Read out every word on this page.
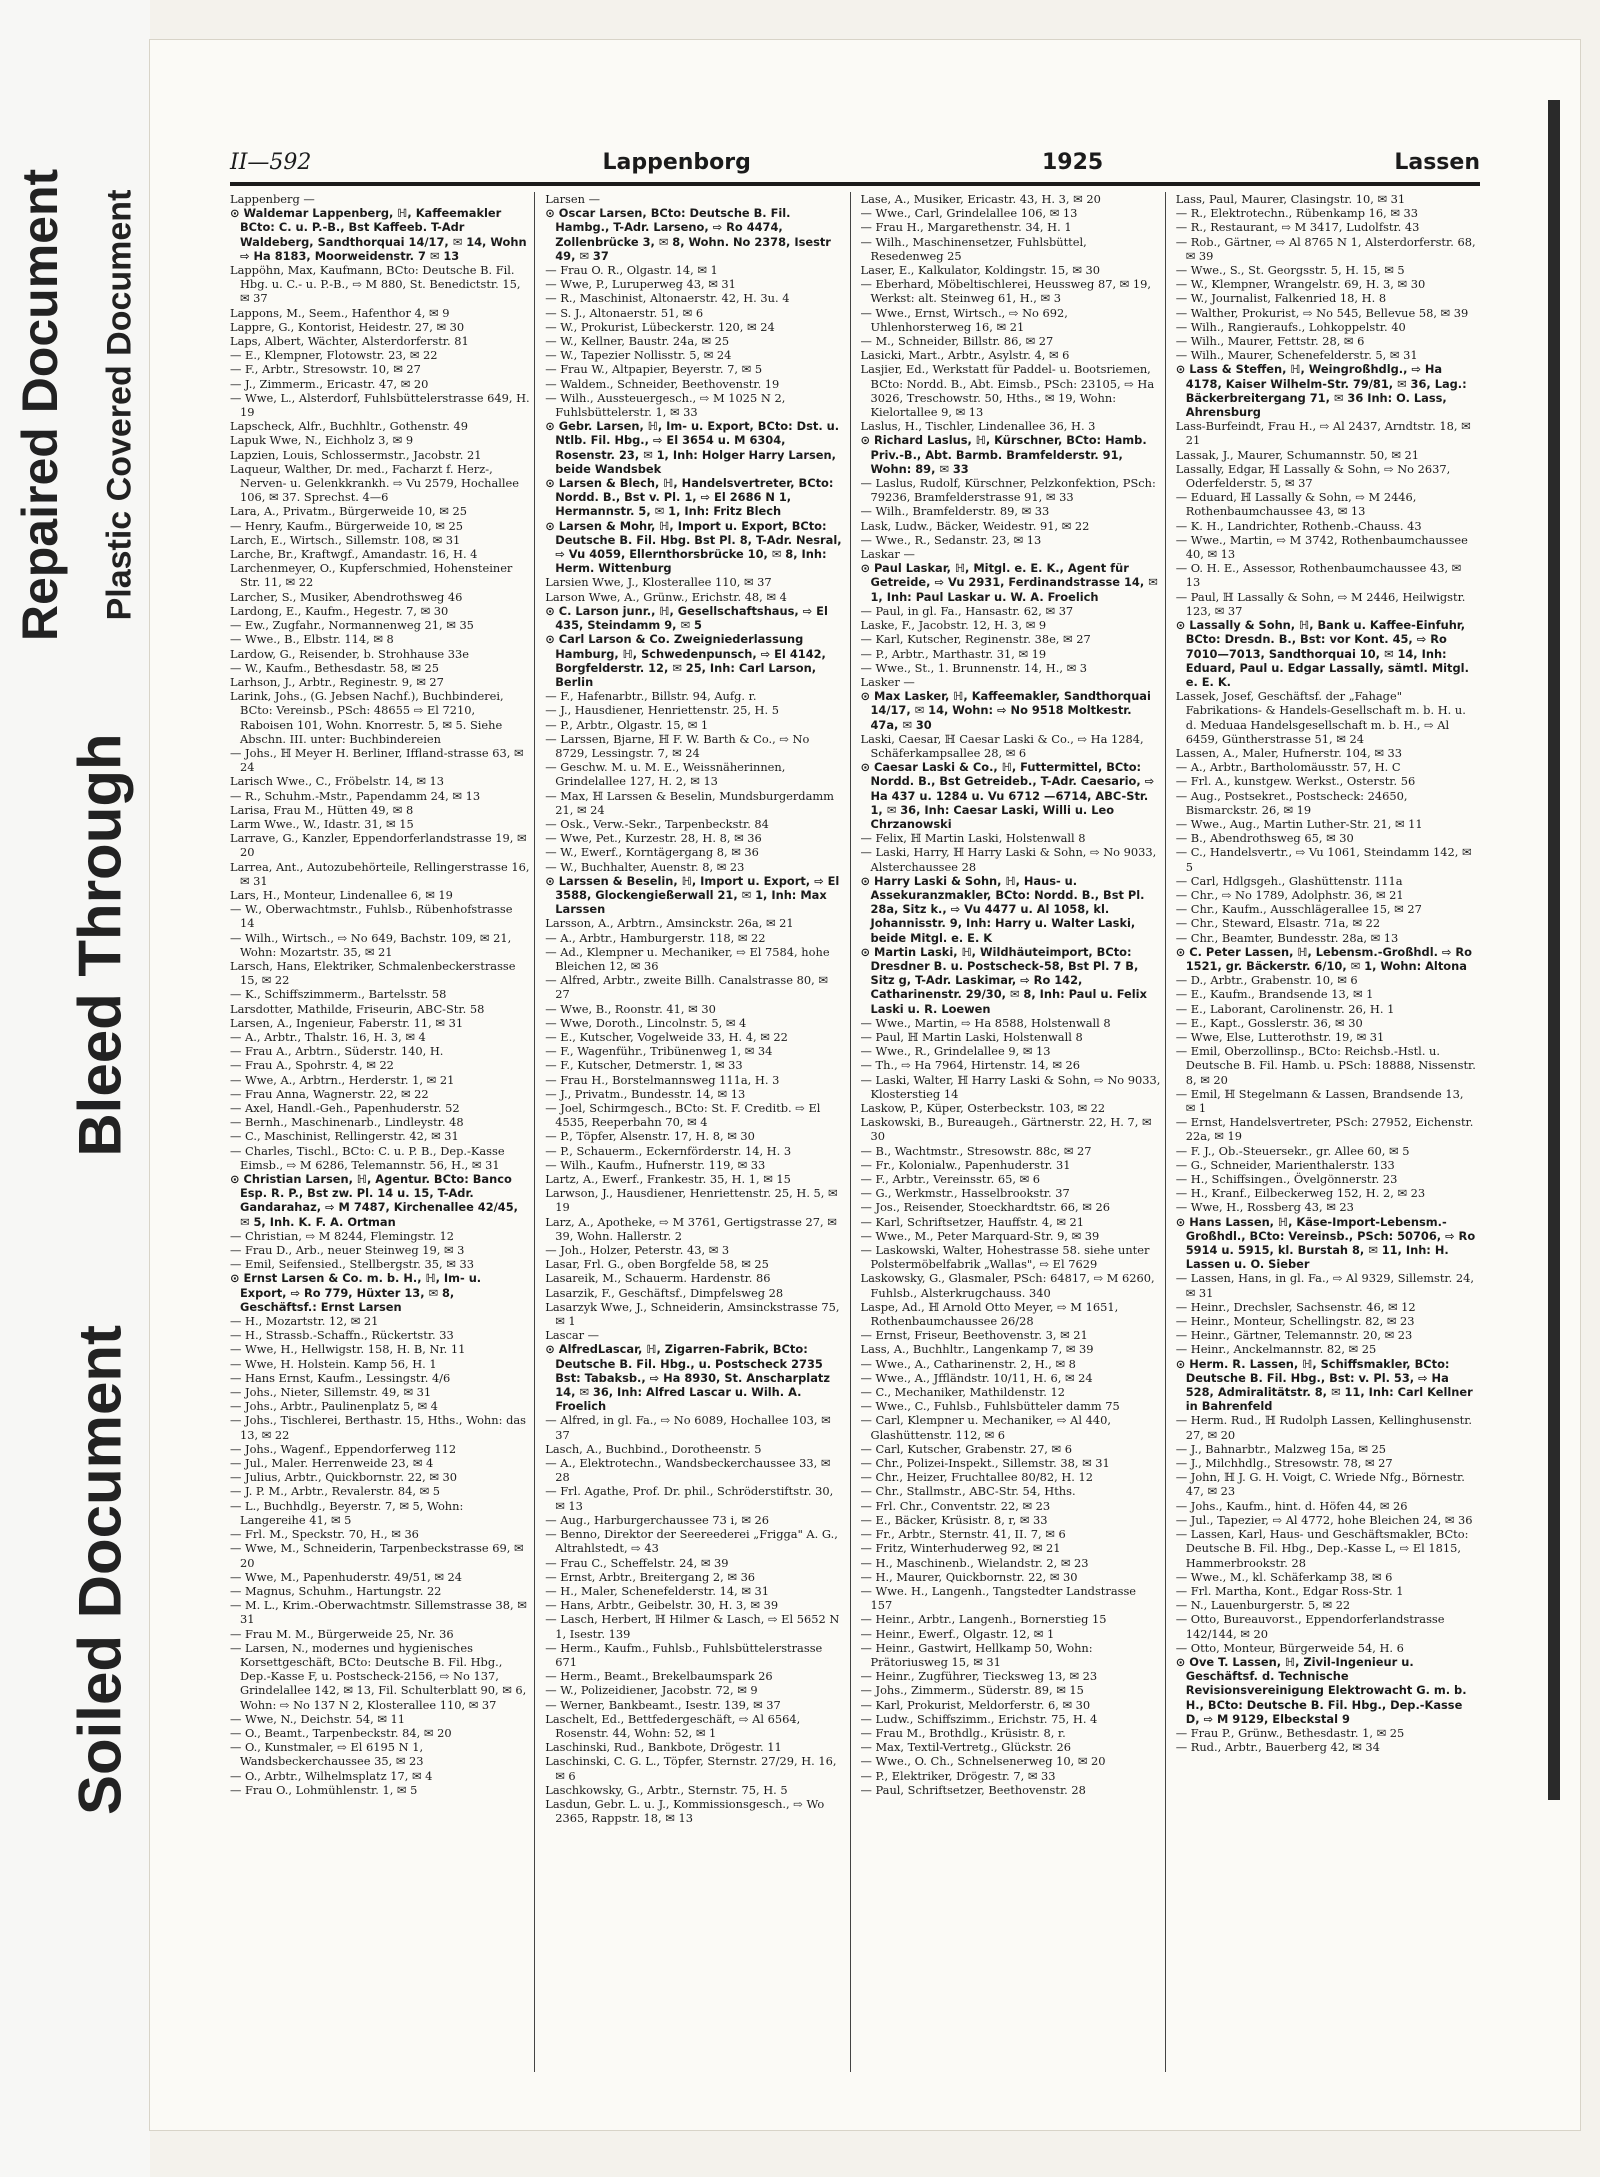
Repaired Document Plastic Covered Document
Bleed Through
Soiled Document
II—592	Lappenborg	1925	Lassen
Lappenberg —
⊙ Waldemar Lappenberg, ℍ, Kaffeemakler BCto: C. u. P.-B., Bst Kaffeeb. T-Adr Waldeberg, Sandthorquai 14/17, ✉ 14, Wohn ⇨ Ha 8183, Moorweidenstr. 7 ✉ 13
Lappöhn, Max, Kaufmann, BCto: Deutsche B. Fil. Hbg. u. C.- u. P.-B., ⇨ M 880, St. Benedictstr. 15, ✉ 37
Lappons, M., Seem., Hafenthor 4, ✉ 9
Lappre, G., Kontorist, Heidestr. 27, ✉ 30
Laps, Albert, Wächter, Alsterdorferstr. 81
— E., Klempner, Flotowstr. 23, ✉ 22
— F., Arbtr., Stresowstr. 10, ✉ 27
— J., Zimmerm., Ericastr. 47, ✉ 20
— Wwe, L., Alsterdorf, Fuhlsbüttelerstrasse 649, H. 19
Lapscheck, Alfr., Buchhltr., Gothenstr. 49
Lapuk Wwe, N., Eichholz 3, ✉ 9
Lapzien, Louis, Schlossermstr., Jacobstr. 21
Laqueur, Walther, Dr. med., Facharzt f. Herz-, Nerven- u. Gelenkkrankh. ⇨ Vu 2579, Hochallee 106, ✉ 37. Sprechst. 4—6
Lara, A., Privatm., Bürgerweide 10, ✉ 25
— Henry, Kaufm., Bürgerweide 10, ✉ 25
Larch, E., Wirtsch., Sillemstr. 108, ✉ 31
Larche, Br., Kraftwgf., Amandastr. 16, H. 4
Larchenmeyer, O., Kupferschmied, Hohensteiner Str. 11, ✉ 22
Larcher, S., Musiker, Abendrothsweg 46
Lardong, E., Kaufm., Hegestr. 7, ✉ 30
— Ew., Zugfahr., Normannenweg 21, ✉ 35
— Wwe., B., Elbstr. 114, ✉ 8
Lardow, G., Reisender, b. Strohhause 33e
— W., Kaufm., Bethesdastr. 58, ✉ 25
Larhson, J., Arbtr., Reginestr. 9, ✉ 27
Larink, Johs., (G. Jebsen Nachf.), Buchbinderei, BCto: Vereinsb., PSch: 48655 ⇨ El 7210, Raboisen 101, Wohn. Knorrestr. 5, ✉ 5. Siehe Abschn. III. unter: Buchbindereien
— Johs., ℍ Meyer H. Berliner, Iffland-strasse 63, ✉ 24
Larisch Wwe., C., Fröbelstr. 14, ✉ 13
— R., Schuhm.-Mstr., Papendamm 24, ✉ 13
Larisa, Frau M., Hütten 49, ✉ 8
Larm Wwe., W., Idastr. 31, ✉ 15
Larrave, G., Kanzler, Eppendorferlandstrasse 19, ✉ 20
Larrea, Ant., Autozubehörteile, Rellingerstrasse 16, ✉ 31
Lars, H., Monteur, Lindenallee 6, ✉ 19
— W., Oberwachtmstr., Fuhlsb., Rübenhofstrasse 14
— Wilh., Wirtsch., ⇨ No 649, Bachstr. 109, ✉ 21, Wohn: Mozartstr. 35, ✉ 21
Larsch, Hans, Elektriker, Schmalenbeckerstrasse 15, ✉ 22
— K., Schiffszimmerm., Bartelsstr. 58
Larsdotter, Mathilde, Friseurin, ABC-Str. 58
Larsen, A., Ingenieur, Faberstr. 11, ✉ 31
— A., Arbtr., Thalstr. 16, H. 3, ✉ 4
— Frau A., Arbtrn., Süderstr. 140, H.
— Frau A., Spohrstr. 4, ✉ 22
— Wwe, A., Arbtrn., Herderstr. 1, ✉ 21
— Frau Anna, Wagnerstr. 22, ✉ 22
— Axel, Handl.-Geh., Papenhuderstr. 52
— Bernh., Maschinenarb., Lindleystr. 48
— C., Maschinist, Rellingerstr. 42, ✉ 31
— Charles, Tischl., BCto: C. u. P. B., Dep.-Kasse Eimsb., ⇨ M 6286, Telemannstr. 56, H., ✉ 31
⊙ Christian Larsen, ℍ, Agentur. BCto: Banco Esp. R. P., Bst zw. Pl. 14 u. 15, T-Adr. Gandarahaz, ⇨ M 7487, Kirchenallee 42/45, ✉ 5, Inh. K. F. A. Ortman
— Christian, ⇨ M 8244, Flemingstr. 12
— Frau D., Arb., neuer Steinweg 19, ✉ 3
— Emil, Seifensied., Stellbergstr. 35, ✉ 33
⊙ Ernst Larsen & Co. m. b. H., ℍ, Im- u. Export, ⇨ Ro 779, Hüxter 13, ✉ 8, Geschäftsf.: Ernst Larsen
— H., Mozartstr. 12, ✉ 21
— H., Strassb.-Schaffn., Rückertstr. 33
— Wwe, H., Hellwigstr. 158, H. B, Nr. 11
— Wwe, H. Holstein. Kamp 56, H. 1
— Hans Ernst, Kaufm., Lessingstr. 4/6
— Johs., Nieter, Sillemstr. 49, ✉ 31
— Johs., Arbtr., Paulinenplatz 5, ✉ 4
— Johs., Tischlerei, Berthastr. 15, Hths., Wohn: das 13, ✉ 22
— Johs., Wagenf., Eppendorferweg 112
— Jul., Maler. Herrenweide 23, ✉ 4
— Julius, Arbtr., Quickbornstr. 22, ✉ 30
— J. P. M., Arbtr., Revalerstr. 84, ✉ 5
— L., Buchhdlg., Beyerstr. 7, ✉ 5, Wohn: Langereihe 41, ✉ 5
— Frl. M., Speckstr. 70, H., ✉ 36
— Wwe, M., Schneiderin, Tarpenbeckstrasse 69, ✉ 20
— Wwe, M., Papenhuderstr. 49/51, ✉ 24
— Magnus, Schuhm., Hartungstr. 22
— M. L., Krim.-Oberwachtmstr. Sillemstrasse 38, ✉ 31
— Frau M. M., Bürgerweide 25, Nr. 36
— Larsen, N., modernes und hygienisches Korsettgeschäft, BCto: Deutsche B. Fil. Hbg., Dep.-Kasse F, u. Postscheck-2156, ⇨ No 137, Grindelallee 142, ✉ 13, Fil. Schulterblatt 90, ✉ 6, Wohn: ⇨ No 137 N 2, Klosterallee 110, ✉ 37
— Wwe, N., Deichstr. 54, ✉ 11
— O., Beamt., Tarpenbeckstr. 84, ✉ 20
— O., Kunstmaler, ⇨ El 6195 N 1, Wandsbeckerchaussee 35, ✉ 23
— O., Arbtr., Wilhelmsplatz 17, ✉ 4
— Frau O., Lohmühlenstr. 1, ✉ 5
Larsen —
⊙ Oscar Larsen, BCto: Deutsche B. Fil. Hambg., T-Adr. Larseno, ⇨ Ro 4474, Zollenbrücke 3, ✉ 8, Wohn. No 2378, Isestr 49, ✉ 37
— Frau O. R., Olgastr. 14, ✉ 1
— Wwe, P., Luruperweg 43, ✉ 31
— R., Maschinist, Altonaerstr. 42, H. 3u. 4
— S. J., Altonaerstr. 51, ✉ 6
— W., Prokurist, Lübeckerstr. 120, ✉ 24
— W., Kellner, Baustr. 24a, ✉ 25
— W., Tapezier Nollisstr. 5, ✉ 24
— Frau W., Altpapier, Beyerstr. 7, ✉ 5
— Waldem., Schneider, Beethovenstr. 19
— Wilh., Aussteuergesch., ⇨ M 1025 N 2, Fuhlsbüttelerstr. 1, ✉ 33
⊙ Gebr. Larsen, ℍ, Im- u. Export, BCto: Dst. u. Ntlb. Fil. Hbg., ⇨ El 3654 u. M 6304, Rosenstr. 23, ✉ 1, Inh: Holger Harry Larsen, beide Wandsbek
⊙ Larsen & Blech, ℍ, Handelsvertreter, BCto: Nordd. B., Bst v. Pl. 1, ⇨ El 2686 N 1, Hermannstr. 5, ✉ 1, Inh: Fritz Blech
⊙ Larsen & Mohr, ℍ, Import u. Export, BCto: Deutsche B. Fil. Hbg. Bst Pl. 8, T-Adr. Nesral, ⇨ Vu 4059, Ellernthorsbrücke 10, ✉ 8, Inh: Herm. Wittenburg
Larsien Wwe, J., Klosterallee 110, ✉ 37
Larson Wwe, A., Grünw., Erichstr. 48, ✉ 4
⊙ C. Larson junr., ℍ, Gesellschaftshaus, ⇨ El 435, Steindamm 9, ✉ 5
⊙ Carl Larson & Co. Zweigniederlassung Hamburg, ℍ, Schwedenpunsch, ⇨ El 4142, Borgfelderstr. 12, ✉ 25, Inh: Carl Larson, Berlin
— F., Hafenarbtr., Billstr. 94, Aufg. r.
— J., Hausdiener, Henriettenstr. 25, H. 5
— P., Arbtr., Olgastr. 15, ✉ 1
— Larssen, Bjarne, ℍ F. W. Barth & Co., ⇨ No 8729, Lessingstr. 7, ✉ 24
— Geschw. M. u. M. E., Weissnäherinnen, Grindelallee 127, H. 2, ✉ 13
— Max, ℍ Larssen & Beselin, Mundsburgerdamm 21, ✉ 24
— Osk., Verw.-Sekr., Tarpenbeckstr. 84
— Wwe, Pet., Kurzestr. 28, H. 8, ✉ 36
— W., Ewerf., Korntägergang 8, ✉ 36
— W., Buchhalter, Auenstr. 8, ✉ 23
⊙ Larssen & Beselin, ℍ, Import u. Export, ⇨ El 3588, Glockengießerwall 21, ✉ 1, Inh: Max Larssen
Larsson, A., Arbtrn., Amsinckstr. 26a, ✉ 21
— A., Arbtr., Hamburgerstr. 118, ✉ 22
— Ad., Klempner u. Mechaniker, ⇨ El 7584, hohe Bleichen 12, ✉ 36
— Alfred, Arbtr., zweite Billh. Canalstrasse 80, ✉ 27
— Wwe, B., Roonstr. 41, ✉ 30
— Wwe, Doroth., Lincolnstr. 5, ✉ 4
— E., Kutscher, Vogelweide 33, H. 4, ✉ 22
— F., Wagenführ., Tribünenweg 1, ✉ 34
— F., Kutscher, Detmerstr. 1, ✉ 33
— Frau H., Borstelmannsweg 111a, H. 3
— J., Privatm., Bundesstr. 14, ✉ 13
— Joel, Schirmgesch., BCto: St. F. Creditb. ⇨ El 4535, Reeperbahn 70, ✉ 4
— P., Töpfer, Alsenstr. 17, H. 8, ✉ 30
— P., Schauerm., Eckernförderstr. 14, H. 3
— Wilh., Kaufm., Hufnerstr. 119, ✉ 33
Lartz, A., Ewerf., Frankestr. 35, H. 1, ✉ 15
Larwson, J., Hausdiener, Henriettenstr. 25, H. 5, ✉ 19
Larz, A., Apotheke, ⇨ M 3761, Gertigstrasse 27, ✉ 39, Wohn. Hallerstr. 2
— Joh., Holzer, Peterstr. 43, ✉ 3
Lasar, Frl. G., oben Borgfelde 58, ✉ 25
Lasareik, M., Schauerm. Hardenstr. 86
Lasarzik, F., Geschäftsf., Dimpfelsweg 28
Lasarzyk Wwe, J., Schneiderin, Amsinckstrasse 75, ✉ 1
Lascar —
⊙ AlfredLascar, ℍ, Zigarren-Fabrik, BCto: Deutsche B. Fil. Hbg., u. Postscheck 2735 Bst: Tabaksb., ⇨ Ha 8930, St. Anscharplatz 14, ✉ 36, Inh: Alfred Lascar u. Wilh. A. Froelich
— Alfred, in gl. Fa., ⇨ No 6089, Hochallee 103, ✉ 37
Lasch, A., Buchbind., Dorotheenstr. 5
— A., Elektrotechn., Wandsbeckerchaussee 33, ✉ 28
— Frl. Agathe, Prof. Dr. phil., Schröderstiftstr. 30, ✉ 13
— Aug., Harburgerchaussee 73 i, ✉ 26
— Benno, Direktor der Seereederei „Frigga" A. G., Altrahlstedt, ⇨ 43
— Frau C., Scheffelstr. 24, ✉ 39
— Ernst, Arbtr., Breitergang 2, ✉ 36
— H., Maler, Schenefelderstr. 14, ✉ 31
— Hans, Arbtr., Geibelstr. 30, H. 3, ✉ 39
— Lasch, Herbert, ℍ Hilmer & Lasch, ⇨ El 5652 N 1, Isestr. 139
— Herm., Kaufm., Fuhlsb., Fuhlsbüttelerstrasse 671
— Herm., Beamt., Brekelbaumspark 26
— W., Polizeidiener, Jacobstr. 72, ✉ 9
— Werner, Bankbeamt., Isestr. 139, ✉ 37
Laschelt, Ed., Bettfedergeschäft, ⇨ Al 6564, Rosenstr. 44, Wohn: 52, ✉ 1
Laschinski, Rud., Bankbote, Drögestr. 11
Laschinski, C. G. L., Töpfer, Sternstr. 27/29, H. 16, ✉ 6
Laschkowsky, G., Arbtr., Sternstr. 75, H. 5
Lasdun, Gebr. L. u. J., Kommissionsgesch., ⇨ Wo 2365, Rappstr. 18, ✉ 13
Lase, A., Musiker, Ericastr. 43, H. 3, ✉ 20
— Wwe., Carl, Grindelallee 106, ✉ 13
— Frau H., Margarethenstr. 34, H. 1
— Wilh., Maschinensetzer, Fuhlsbüttel, Resedenweg 25
Laser, E., Kalkulator, Koldingstr. 15, ✉ 30
— Eberhard, Möbeltischlerei, Heussweg 87, ✉ 19, Werkst: alt. Steinweg 61, H., ✉ 3
— Wwe., Ernst, Wirtsch., ⇨ No 692, Uhlenhorsterweg 16, ✉ 21
— M., Schneider, Billstr. 86, ✉ 27
Lasicki, Mart., Arbtr., Asylstr. 4, ✉ 6
Lasjier, Ed., Werkstatt für Paddel- u. Bootsriemen, BCto: Nordd. B., Abt. Eimsb., PSch: 23105, ⇨ Ha 3026, Treschowstr. 50, Hths., ✉ 19, Wohn: Kielortallee 9, ✉ 13
Laslus, H., Tischler, Lindenallee 36, H. 3
⊙ Richard Laslus, ℍ, Kürschner, BCto: Hamb. Priv.-B., Abt. Barmb. Bramfelderstr. 91, Wohn: 89, ✉ 33
— Laslus, Rudolf, Kürschner, Pelzkonfektion, PSch: 79236, Bramfelderstrasse 91, ✉ 33
— Wilh., Bramfelderstr. 89, ✉ 33
Lask, Ludw., Bäcker, Weidestr. 91, ✉ 22
— Wwe., R., Sedanstr. 23, ✉ 13
Laskar —
⊙ Paul Laskar, ℍ, Mitgl. e. E. K., Agent für Getreide, ⇨ Vu 2931, Ferdinandstrasse 14, ✉ 1, Inh: Paul Laskar u. W. A. Froelich
— Paul, in gl. Fa., Hansastr. 62, ✉ 37
Laske, F., Jacobstr. 12, H. 3, ✉ 9
— Karl, Kutscher, Reginenstr. 38e, ✉ 27
— P., Arbtr., Marthastr. 31, ✉ 19
— Wwe., St., 1. Brunnenstr. 14, H., ✉ 3
Lasker —
⊙ Max Lasker, ℍ, Kaffeemakler, Sandthorquai 14/17, ✉ 14, Wohn: ⇨ No 9518 Moltkestr. 47a, ✉ 30
Laski, Caesar, ℍ Caesar Laski & Co., ⇨ Ha 1284, Schäferkampsallee 28, ✉ 6
⊙ Caesar Laski & Co., ℍ, Futtermittel, BCto: Nordd. B., Bst Getreideb., T-Adr. Caesario, ⇨ Ha 437 u. 1284 u. Vu 6712 —6714, ABC-Str. 1, ✉ 36, Inh: Caesar Laski, Willi u. Leo Chrzanowski
— Felix, ℍ Martin Laski, Holstenwall 8
— Laski, Harry, ℍ Harry Laski & Sohn, ⇨ No 9033, Alsterchaussee 28
⊙ Harry Laski & Sohn, ℍ, Haus- u. Assekuranzmakler, BCto: Nordd. B., Bst Pl. 28a, Sitz k., ⇨ Vu 4477 u. Al 1058, kl. Johannisstr. 9, Inh: Harry u. Walter Laski, beide Mitgl. e. E. K
⊙ Martin Laski, ℍ, Wildhäuteimport, BCto: Dresdner B. u. Postscheck-58, Bst Pl. 7 B, Sitz g, T-Adr. Laskimar, ⇨ Ro 142, Catharinenstr. 29/30, ✉ 8, Inh: Paul u. Felix Laski u. R. Loewen
— Wwe., Martin, ⇨ Ha 8588, Holstenwall 8
— Paul, ℍ Martin Laski, Holstenwall 8
— Wwe., R., Grindelallee 9, ✉ 13
— Th., ⇨ Ha 7964, Hirtenstr. 14, ✉ 26
— Laski, Walter, ℍ Harry Laski & Sohn, ⇨ No 9033, Klosterstieg 14
Laskow, P., Küper, Osterbeckstr. 103, ✉ 22
Laskowski, B., Bureaugeh., Gärtnerstr. 22, H. 7, ✉ 30
— B., Wachtmstr., Stresowstr. 88c, ✉ 27
— Fr., Kolonialw., Papenhuderstr. 31
— F., Arbtr., Vereinsstr. 65, ✉ 6
— G., Werkmstr., Hasselbrookstr. 37
— Jos., Reisender, Stoeckhardtstr. 66, ✉ 26
— Karl, Schriftsetzer, Hauffstr. 4, ✉ 21
— Wwe., M., Peter Marquard-Str. 9, ✉ 39
— Laskowski, Walter, Hohestrasse 58. siehe unter Polstermöbelfabrik „Wallas", ⇨ El 7629
Laskowsky, G., Glasmaler, PSch: 64817, ⇨ M 6260, Fuhlsb., Alsterkrugchauss. 340
Laspe, Ad., ℍ Arnold Otto Meyer, ⇨ M 1651, Rothenbaumchaussee 26/28
— Ernst, Friseur, Beethovenstr. 3, ✉ 21
Lass, A., Buchhltr., Langenkamp 7, ✉ 39
— Wwe., A., Catharinenstr. 2, H., ✉ 8
— Wwe., A., Jffländstr. 10/11, H. 6, ✉ 24
— C., Mechaniker, Mathildenstr. 12
— Wwe., C., Fuhlsb., Fuhlsbütteler damm 75
— Carl, Klempner u. Mechaniker, ⇨ Al 440, Glashüttenstr. 112, ✉ 6
— Carl, Kutscher, Grabenstr. 27, ✉ 6
— Chr., Polizei-Inspekt., Sillemstr. 38, ✉ 31
— Chr., Heizer, Fruchtallee 80/82, H. 12
— Chr., Stallmstr., ABC-Str. 54, Hths.
— Frl. Chr., Conventstr. 22, ✉ 23
— E., Bäcker, Krüsistr. 8, r, ✉ 33
— Fr., Arbtr., Sternstr. 41, II. 7, ✉ 6
— Fritz, Winterhuderweg 92, ✉ 21
— H., Maschinenb., Wielandstr. 2, ✉ 23
— H., Maurer, Quickbornstr. 22, ✉ 30
— Wwe. H., Langenh., Tangstedter Landstrasse 157
— Heinr., Arbtr., Langenh., Bornerstieg 15
— Heinr., Ewerf., Olgastr. 12, ✉ 1
— Heinr., Gastwirt, Hellkamp 50, Wohn: Prätoriusweg 15, ✉ 31
— Heinr., Zugführer, Tiecksweg 13, ✉ 23
— Johs., Zimmerm., Süderstr. 89, ✉ 15
— Karl, Prokurist, Meldorferstr. 6, ✉ 30
— Ludw., Schiffszimm., Erichstr. 75, H. 4
— Frau M., Brothdlg., Krüsistr. 8, r.
— Max, Textil-Vertretg., Glückstr. 26
— Wwe., O. Ch., Schnelsenerweg 10, ✉ 20
— P., Elektriker, Drögestr. 7, ✉ 33
— Paul, Schriftsetzer, Beethovenstr. 28
Lass, Paul, Maurer, Clasingstr. 10, ✉ 31
— R., Elektrotechn., Rübenkamp 16, ✉ 33
— R., Restaurant, ⇨ M 3417, Ludolfstr. 43
— Rob., Gärtner, ⇨ Al 8765 N 1, Alsterdorferstr. 68, ✉ 39
— Wwe., S., St. Georgsstr. 5, H. 15, ✉ 5
— W., Klempner, Wrangelstr. 69, H. 3, ✉ 30
— W., Journalist, Falkenried 18, H. 8
— Walther, Prokurist, ⇨ No 545, Bellevue 58, ✉ 39
— Wilh., Rangieraufs., Lohkoppelstr. 40
— Wilh., Maurer, Fettstr. 28, ✉ 6
— Wilh., Maurer, Schenefelderstr. 5, ✉ 31
⊙ Lass & Steffen, ℍ, Weingroßhdlg., ⇨ Ha 4178, Kaiser Wilhelm-Str. 79/81, ✉ 36, Lag.: Bäckerbreitergang 71, ✉ 36 Inh: O. Lass, Ahrensburg
Lass-Burfeindt, Frau H., ⇨ Al 2437, Arndtstr. 18, ✉ 21
Lassak, J., Maurer, Schumannstr. 50, ✉ 21
Lassally, Edgar, ℍ Lassally & Sohn, ⇨ No 2637, Oderfelderstr. 5, ✉ 37
— Eduard, ℍ Lassally & Sohn, ⇨ M 2446, Rothenbaumchaussee 43, ✉ 13
— K. H., Landrichter, Rothenb.-Chauss. 43
— Wwe., Martin, ⇨ M 3742, Rothenbaumchaussee 40, ✉ 13
— O. H. E., Assessor, Rothenbaumchaussee 43, ✉ 13
— Paul, ℍ Lassally & Sohn, ⇨ M 2446, Heilwigstr. 123, ✉ 37
⊙ Lassally & Sohn, ℍ, Bank u. Kaffee-Einfuhr, BCto: Dresdn. B., Bst: vor Kont. 45, ⇨ Ro 7010—7013, Sandthorquai 10, ✉ 14, Inh: Eduard, Paul u. Edgar Lassally, sämtl. Mitgl. e. E. K.
Lassek, Josef, Geschäftsf. der „Fahage" Fabrikations- & Handels-Gesellschaft m. b. H. u. d. Meduaa Handelsgesellschaft m. b. H., ⇨ Al 6459, Güntherstrasse 51, ✉ 24
Lassen, A., Maler, Hufnerstr. 104, ✉ 33
— A., Arbtr., Bartholomäusstr. 57, H. C
— Frl. A., kunstgew. Werkst., Osterstr. 56
— Aug., Postsekret., Postscheck: 24650, Bismarckstr. 26, ✉ 19
— Wwe., Aug., Martin Luther-Str. 21, ✉ 11
— B., Abendrothsweg 65, ✉ 30
— C., Handelsvertr., ⇨ Vu 1061, Steindamm 142, ✉ 5
— Carl, Hdlgsgeh., Glashüttenstr. 111a
— Chr., ⇨ No 1789, Adolphstr. 36, ✉ 21
— Chr., Kaufm., Ausschlägerallee 15, ✉ 27
— Chr., Steward, Elsastr. 71a, ✉ 22
— Chr., Beamter, Bundesstr. 28a, ✉ 13
⊙ C. Peter Lassen, ℍ, Lebensm.-Großhdl. ⇨ Ro 1521, gr. Bäckerstr. 6/10, ✉ 1, Wohn: Altona
— D., Arbtr., Grabenstr. 10, ✉ 6
— E., Kaufm., Brandsende 13, ✉ 1
— E., Laborant, Carolinenstr. 26, H. 1
— E., Kapt., Gosslerstr. 36, ✉ 30
— Wwe, Else, Lutterothstr. 19, ✉ 31
— Emil, Oberzollinsp., BCto: Reichsb.-Hstl. u. Deutsche B. Fil. Hamb. u. PSch: 18888, Nissenstr. 8, ✉ 20
— Emil, ℍ Stegelmann & Lassen, Brandsende 13, ✉ 1
— Ernst, Handelsvertreter, PSch: 27952, Eichenstr. 22a, ✉ 19
— F. J., Ob.-Steuersekr., gr. Allee 60, ✉ 5
— G., Schneider, Marienthalerstr. 133
— H., Schiffsingen., Övelgönnerstr. 23
— H., Kranf., Eilbeckerweg 152, H. 2, ✉ 23
— Wwe, H., Rossberg 43, ✉ 23
⊙ Hans Lassen, ℍ, Käse-Import-Lebensm.-Großhdl., BCto: Vereinsb., PSch: 50706, ⇨ Ro 5914 u. 5915, kl. Burstah 8, ✉ 11, Inh: H. Lassen u. O. Sieber
— Lassen, Hans, in gl. Fa., ⇨ Al 9329, Sillemstr. 24, ✉ 31
— Heinr., Drechsler, Sachsenstr. 46, ✉ 12
— Heinr., Monteur, Schellingstr. 82, ✉ 23
— Heinr., Gärtner, Telemannstr. 20, ✉ 23
— Heinr., Anckelmannstr. 82, ✉ 25
⊙ Herm. R. Lassen, ℍ, Schiffsmakler, BCto: Deutsche B. Fil. Hbg., Bst: v. Pl. 53, ⇨ Ha 528, Admiralitätstr. 8, ✉ 11, Inh: Carl Kellner in Bahrenfeld
— Herm. Rud., ℍ Rudolph Lassen, Kellinghusenstr. 27, ✉ 20
— J., Bahnarbtr., Malzweg 15a, ✉ 25
— J., Milchhdlg., Stresowstr. 78, ✉ 27
— John, ℍ J. G. H. Voigt, C. Wriede Nfg., Börnestr. 47, ✉ 23
— Johs., Kaufm., hint. d. Höfen 44, ✉ 26
— Jul., Tapezier, ⇨ Al 4772, hohe Bleichen 24, ✉ 36
— Lassen, Karl, Haus- und Geschäftsmakler, BCto: Deutsche B. Fil. Hbg., Dep.-Kasse L, ⇨ El 1815, Hammerbrookstr. 28
— Wwe., M., kl. Schäferkamp 38, ✉ 6
— Frl. Martha, Kont., Edgar Ross-Str. 1
— N., Lauenburgerstr. 5, ✉ 22
— Otto, Bureauvorst., Eppendorferlandstrasse 142/144, ✉ 20
— Otto, Monteur, Bürgerweide 54, H. 6
⊙ Ove T. Lassen, ℍ, Zivil-Ingenieur u. Geschäftsf. d. Technische Revisionsvereinigung Elektrowacht G. m. b. H., BCto: Deutsche B. Fil. Hbg., Dep.-Kasse D, ⇨ M 9129, Elbeckstal 9
— Frau P., Grünw., Bethesdastr. 1, ✉ 25
— Rud., Arbtr., Bauerberg 42, ✉ 34
